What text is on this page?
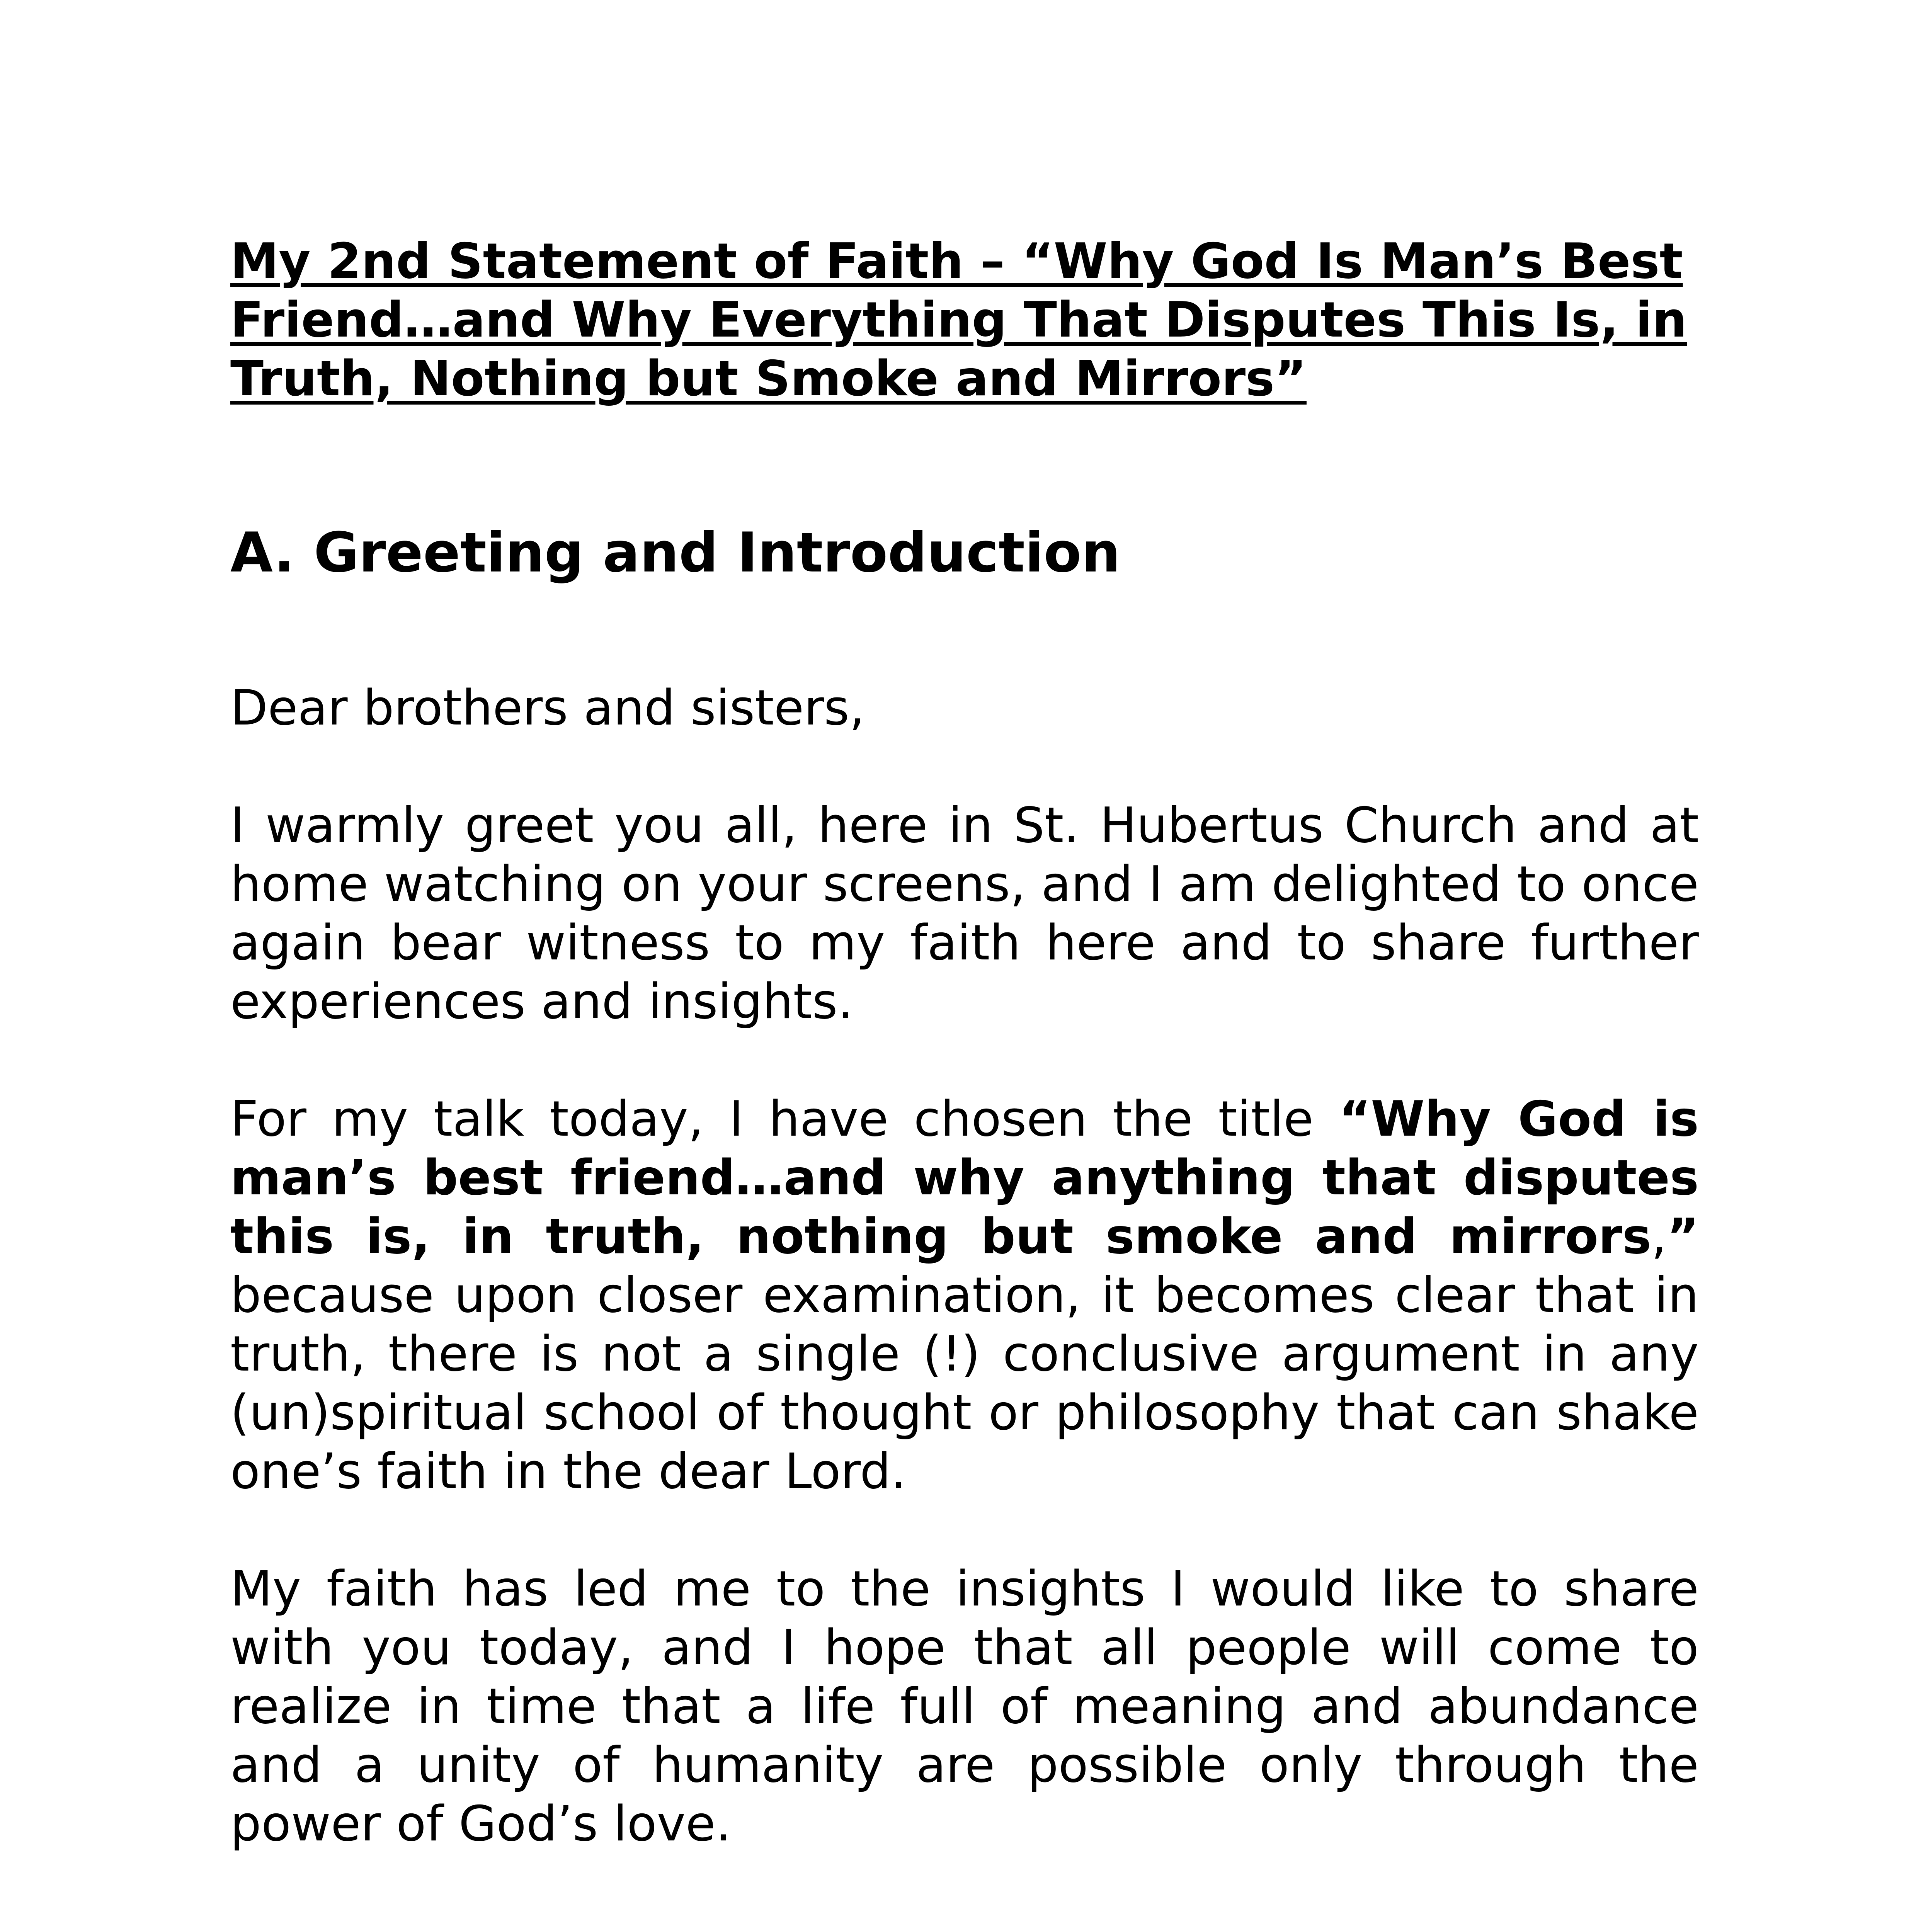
My 2nd Statement of Faith – “Why God Is Man’s Best Friend…and Why Everything That Disputes This Is, in Truth, Nothing but Smoke and Mirrors”
A. Greeting and Introduction

Dear brothers and sisters,

I warmly greet you all, here in St. Hubertus Church and at home watching on your screens, and I am delighted to once again bear witness to my faith here and to share further experiences and insights.

For my talk today, I have chosen the title “Why God is man’s best friend…and why anything that disputes this is, in truth, nothing but smoke and mirrors,” because upon closer examination, it becomes clear that in truth, there is not a single (!) conclusive argument in any (un)spiritual school of thought or philosophy that can shake one’s faith in the dear Lord.

My faith has led me to the insights I would like to share with you today, and I hope that all people will come to realize in time that a life full of meaning and abundance and a unity of humanity are possible only through the power of God’s love.
